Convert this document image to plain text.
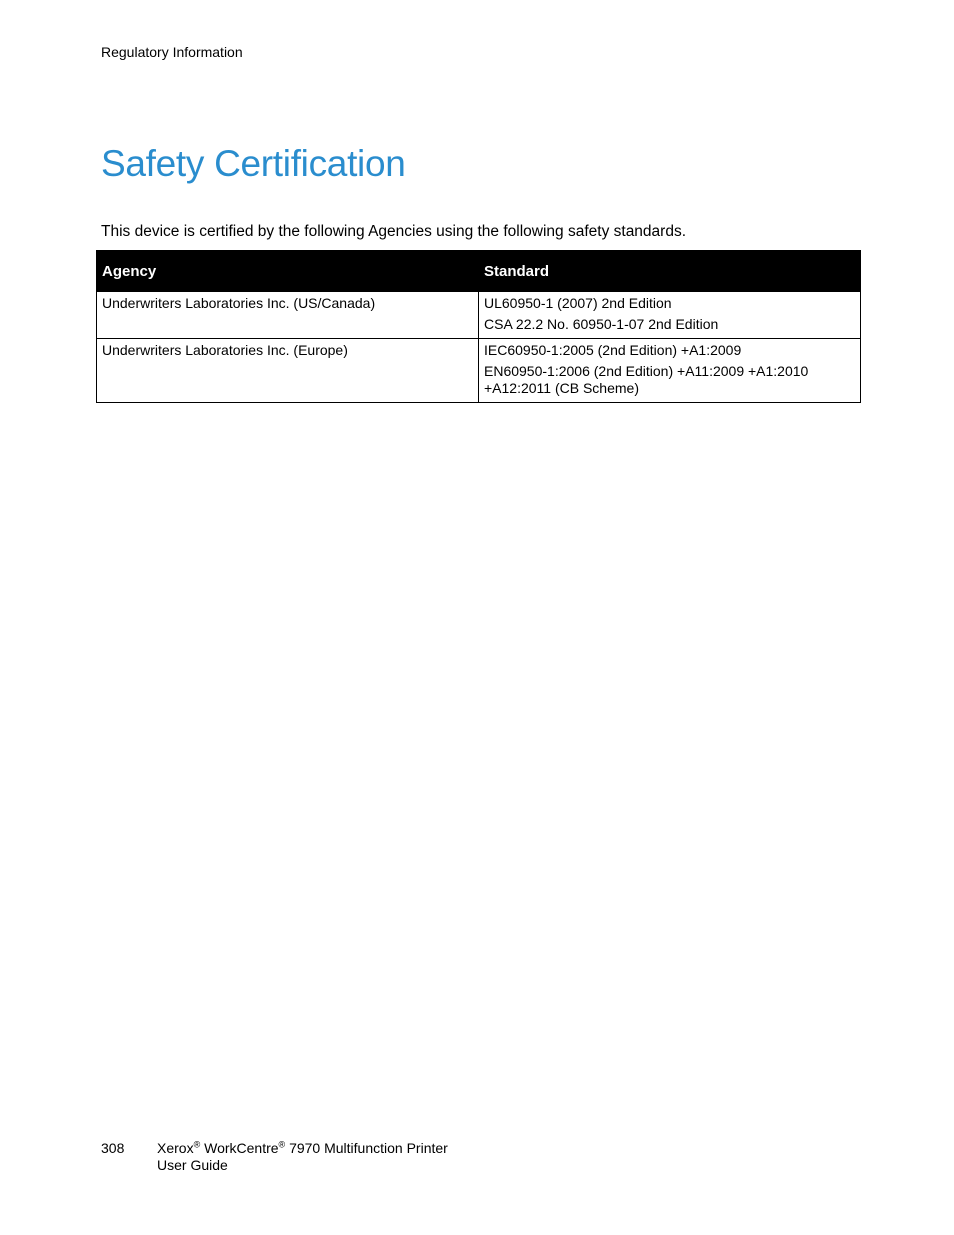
Regulatory Information
Safety Certification

This device is certified by the following Agencies using the following safety standards.

Agency	Standard

Underwriters Laboratories Inc. (US/Canada)	UL60950-1 (2007) 2nd Edition
CSA 22.2 No. 60950-1-07 2nd Edition

Underwriters Laboratories Inc. (Europe)	IEC60950-1:2005 (2nd Edition) +A1:2009
EN60950-1:2006 (2nd Edition) +A11:2009 +A1:2010 +A12:2011 (CB Scheme)
308 Xerox® WorkCentre® 7970 Multifunction Printer
User Guide
